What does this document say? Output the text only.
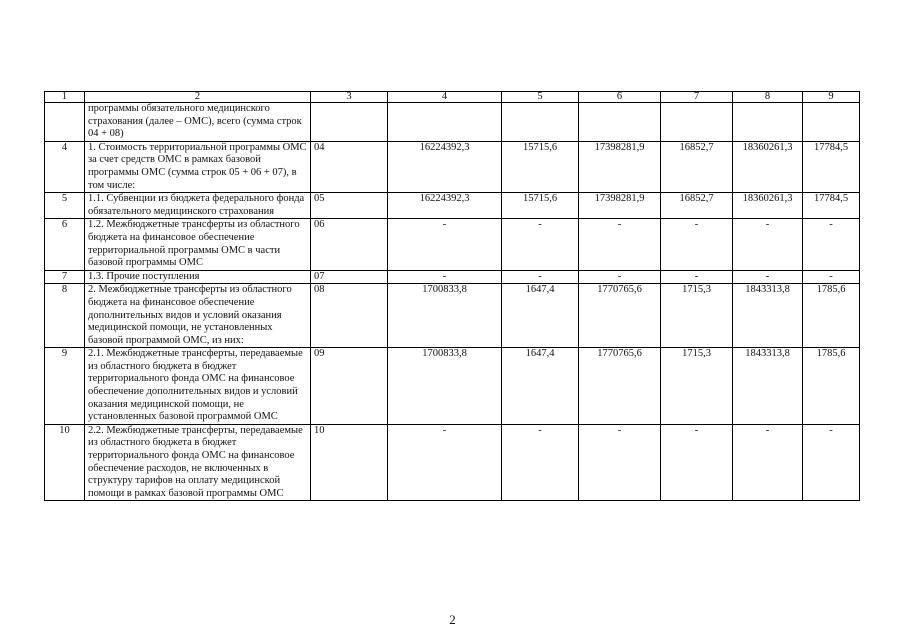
1	2	3	4	5	6	7	8	9
	программы обязательного медицинского страхования (далее – ОМС), всего (сумма строк 04 + 08)							
4	1. Стоимость территориальной программы ОМС за счет средств ОМС в рамках базовой программы ОМС (сумма строк 05 + 06 + 07), в том числе:	04	16224392,3	15715,6	17398281,9	16852,7	18360261,3	17784,5
5	1.1. Субвенции из бюджета федерального фонда обязательного медицинского страхования	05	16224392,3	15715,6	17398281,9	16852,7	18360261,3	17784,5
6	1.2. Межбюджетные трансферты из областного бюджета на финансовое обеспечение территориальной программы ОМС в части базовой программы ОМС	06	-	-	-	-	-	-
7	1.3. Прочие поступления	07	-	-	-	-	-	-
8	2. Межбюджетные трансферты из областного бюджета на финансовое обеспечение дополнительных видов и условий оказания медицинской помощи, не установленных базовой программой ОМС, из них:	08	1700833,8	1647,4	1770765,6	1715,3	1843313,8	1785,6
9	2.1. Межбюджетные трансферты, передаваемые из областного бюджета в бюджет территориального фонда ОМС на финансовое обеспечение дополнительных видов и условий оказания медицинской помощи, не установленных базовой программой ОМС	09	1700833,8	1647,4	1770765,6	1715,3	1843313,8	1785,6
10	2.2. Межбюджетные трансферты, передаваемые из областного бюджета в бюджет территориального фонда ОМС на финансовое обеспечение расходов, не включенных в структуру тарифов на оплату медицинской помощи в рамках базовой программы ОМС	10	-	-	-	-	-	-
2
